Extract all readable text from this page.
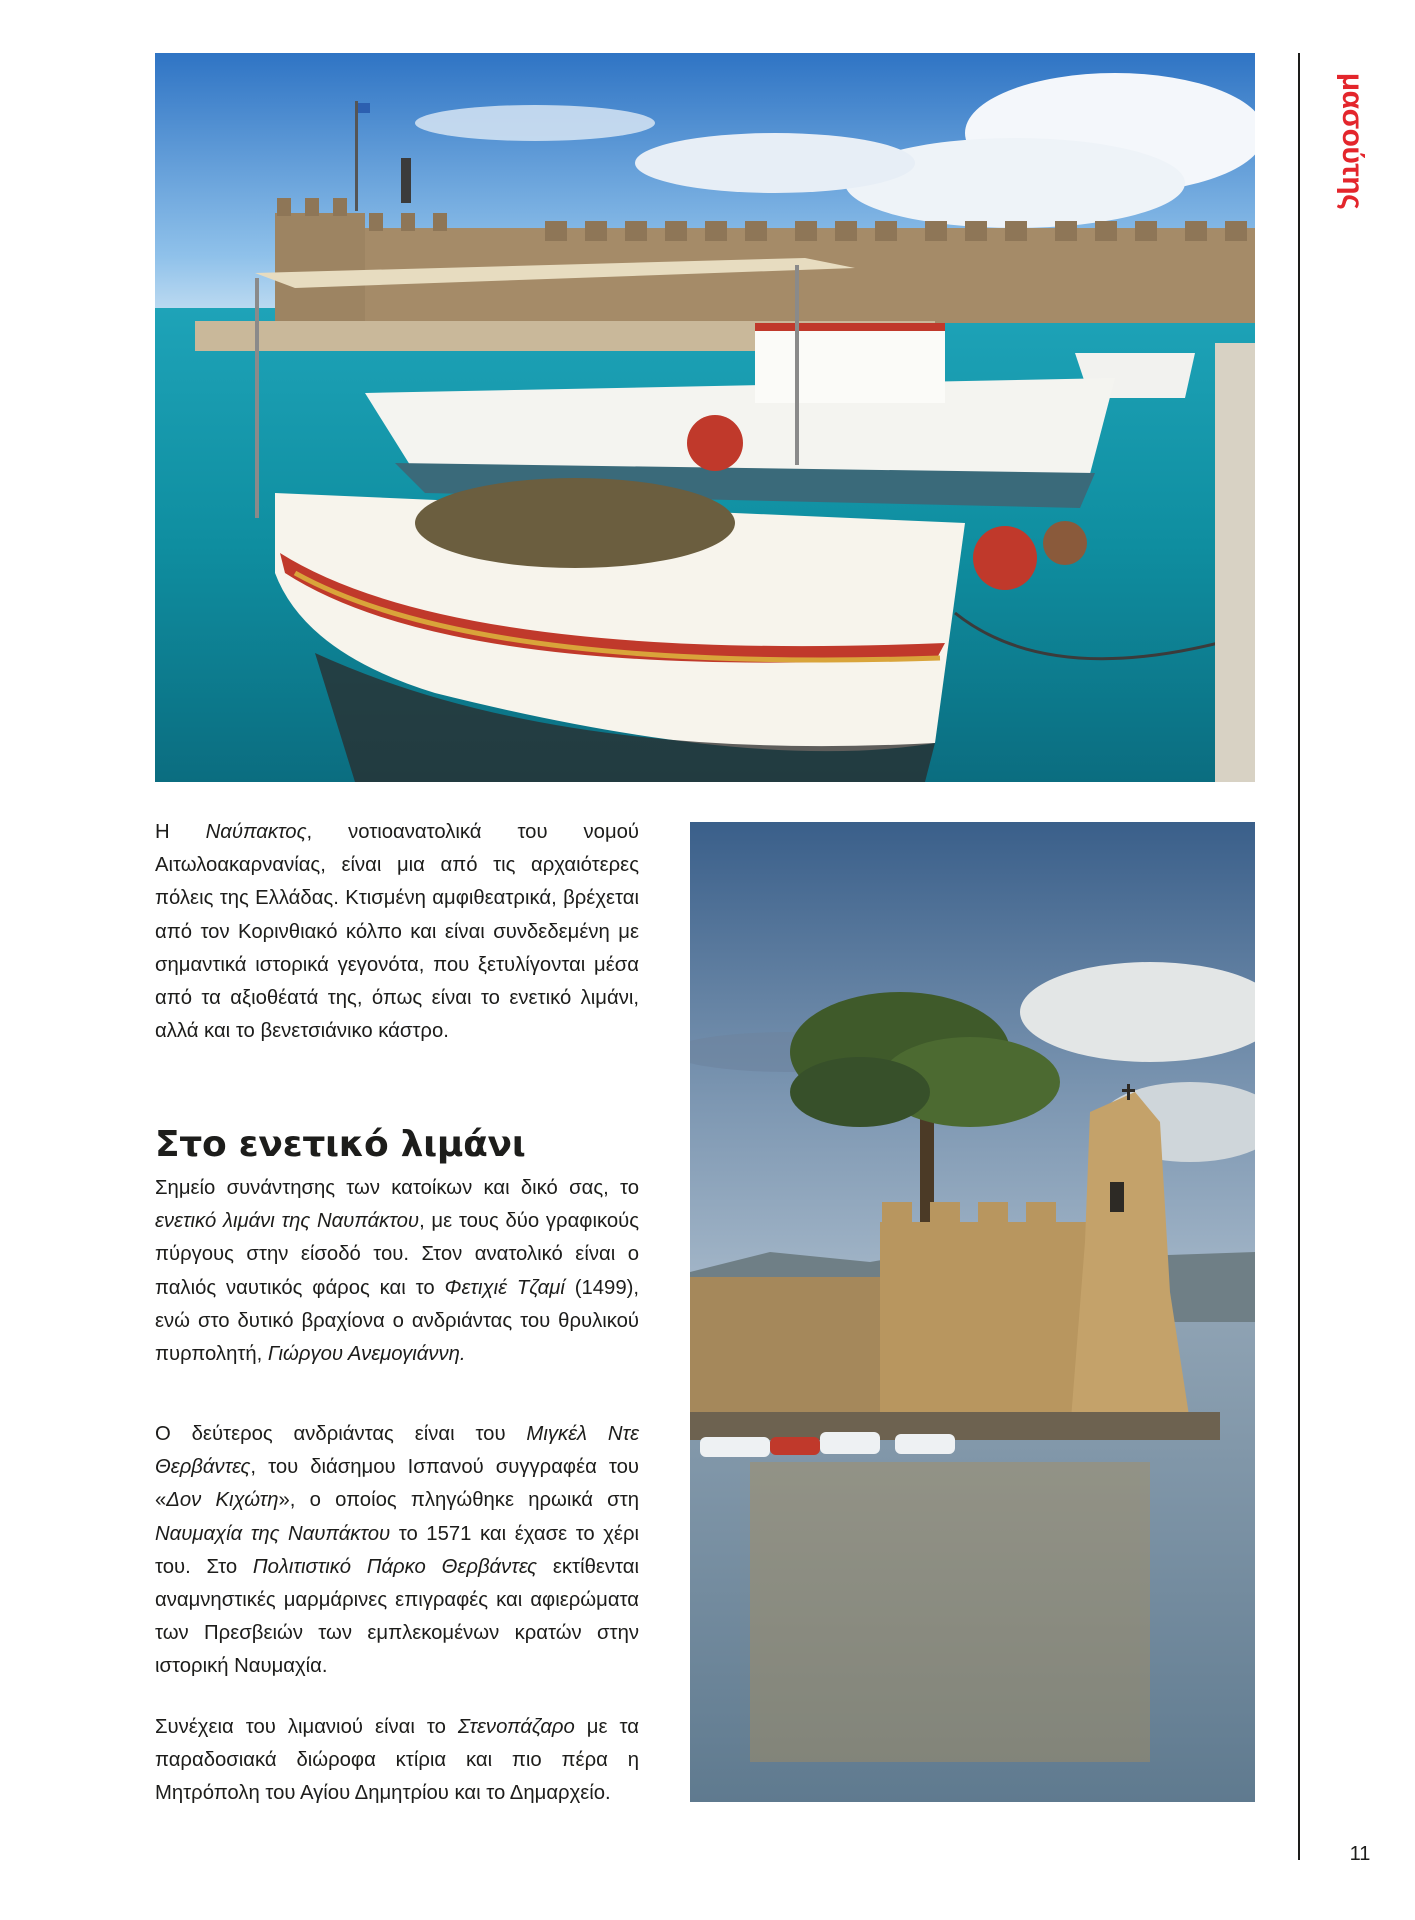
μασούτης
11

Η Ναύπακτος, νοτιοανατολικά του νομού Αιτωλοακαρνανίας, είναι μια από τις αρχαιότερες πόλεις της Ελλάδας. Κτισμένη αμφιθεατρικά, βρέχεται από τον Κορινθιακό κόλπο και είναι συνδεδεμένη με σημαντικά ιστορικά γεγονότα, που ξετυλίγονται μέσα από τα αξιοθέατά της, όπως είναι το ενετικό λιμάνι, αλλά και το βενετσιάνικο κάστρο.

Στο ενετικό λιμάνι

Σημείο συνάντησης των κατοίκων και δικό σας, το ενετικό λιμάνι της Ναυπάκτου, με τους δύο γραφικούς πύργους στην είσοδό του. Στον ανατολικό είναι ο παλιός ναυτικός φάρος και το Φετιχιέ Τζαμί (1499), ενώ στο δυτικό βραχίονα ο ανδριάντας του θρυλικού πυρπολητή, Γιώργου Ανεμογιάννη.

Ο δεύτερος ανδριάντας είναι του Μιγκέλ Ντε Θερβάντες, του διάσημου Ισπανού συγγραφέα του «Δον Κιχώτη», ο οποίος πληγώθηκε ηρωικά στη Ναυμαχία της Ναυπάκτου το 1571 και έχασε το χέρι του. Στο Πολιτιστικό Πάρκο Θερβάντες εκτίθενται αναμνηστικές μαρμάρινες επιγραφές και αφιερώματα των Πρεσβειών των εμπλεκομένων κρατών στην ιστορική Ναυμαχία.

Συνέχεια του λιμανιού είναι το Στενοπάζαρο με τα παραδοσιακά διώροφα κτίρια και πιο πέρα η Μητρόπολη του Αγίου Δημητρίου και το Δημαρχείο.
